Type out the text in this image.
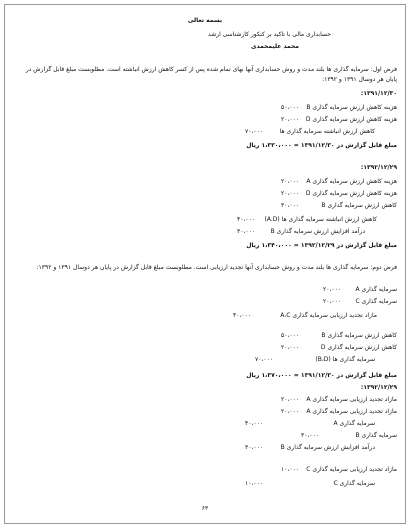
بسمه تعالی
حسابداری مالی با تاکید بر کنکور کارشناسی ارشد
محمد علیمحمدی
فرض اول: سرمایه گذاری ها بلند مدت و روش حسابداری آنها بهای تمام شده پس از کسر کاهش ارزش انباشته است. مطلوبست مبلغ قابل گزارش در
پایان هر دوسال ۱۳۹۱ و ۱۳۹۲:
۱۳۹۱/۱۲/۳۰:
هزینه کاهش ارزش سرمایه گذاری B
۵۰،۰۰۰
هزینه کاهش ارزش سرمایه گذاری D
۲۰،۰۰۰
کاهش ارزش انباشته سرمایه گذاری ها
۷۰،۰۰۰
مبلغ قابل گزارش در ۱۳۹۱/۱۲/۳۰ = ۱،۳۳۰،۰۰۰ ریال
۱۳۹۲/۱۲/۲۹:
هزینه کاهش ارزش سرمایه گذاری A
۲۰،۰۰۰
هزینه کاهش ارزش سرمایه گذاری D
۲۰،۰۰۰
کاهش ارزش سرمایه گذاری B
۳۰،۰۰۰
کاهش ارزش انباشته سرمایه گذاری ها (A.D)
۴۰،۰۰۰
درآمد افزایش ارزش سرمایه گذاری B
۳۰،۰۰۰
مبلغ قابل گزارش در ۱۳۹۲/۱۲/۲۹ = ۱،۳۴۰،۰۰۰ ریال
فرض دوم: سرمایه گذاری ها بلند مدت و روش حسابداری آنها تجدید ارزیابی است. مطلوبست مبلغ قابل گزارش در پایان هر دوسال ۱۳۹۱ و ۱۳۹۲:
سرمایه گذاری A
۲۰،۰۰۰
سرمایه گذاری C
۲۰،۰۰۰
مازاد تجدید ارزیابی سرمایه گذاری A،C
۴۰،۰۰۰
کاهش ارزش سرمایه گذاری B
۵۰،۰۰۰
کاهش ارزش سرمایه گذاری D
۲۰،۰۰۰
سرمایه گذاری ها (B،D)
۷۰،۰۰۰
مبلغ قابل گزارش در ۱۳۹۱/۱۲/۳۰ = ۱،۳۷۰،۰۰۰ ریال
۱۳۹۲/۱۲/۲۹:
مازاد تجدید ارزیابی سرمایه گذاری A
۲۰،۰۰۰
مازاد تجدید ارزیابی سرمایه گذاری A
۲۰،۰۰۰
سرمایه گذاری A
۴۰،۰۰۰
سرمایه گذاری B
۳۰،۰۰۰
درآمد افزایش ارزش سرمایه گذاری B
۳۰،۰۰۰
مازاد تجدید ارزیابی سرمایه گذاری C
۱۰،۰۰۰
سرمایه گذاری C
۱۰،۰۰۰
۶۳
